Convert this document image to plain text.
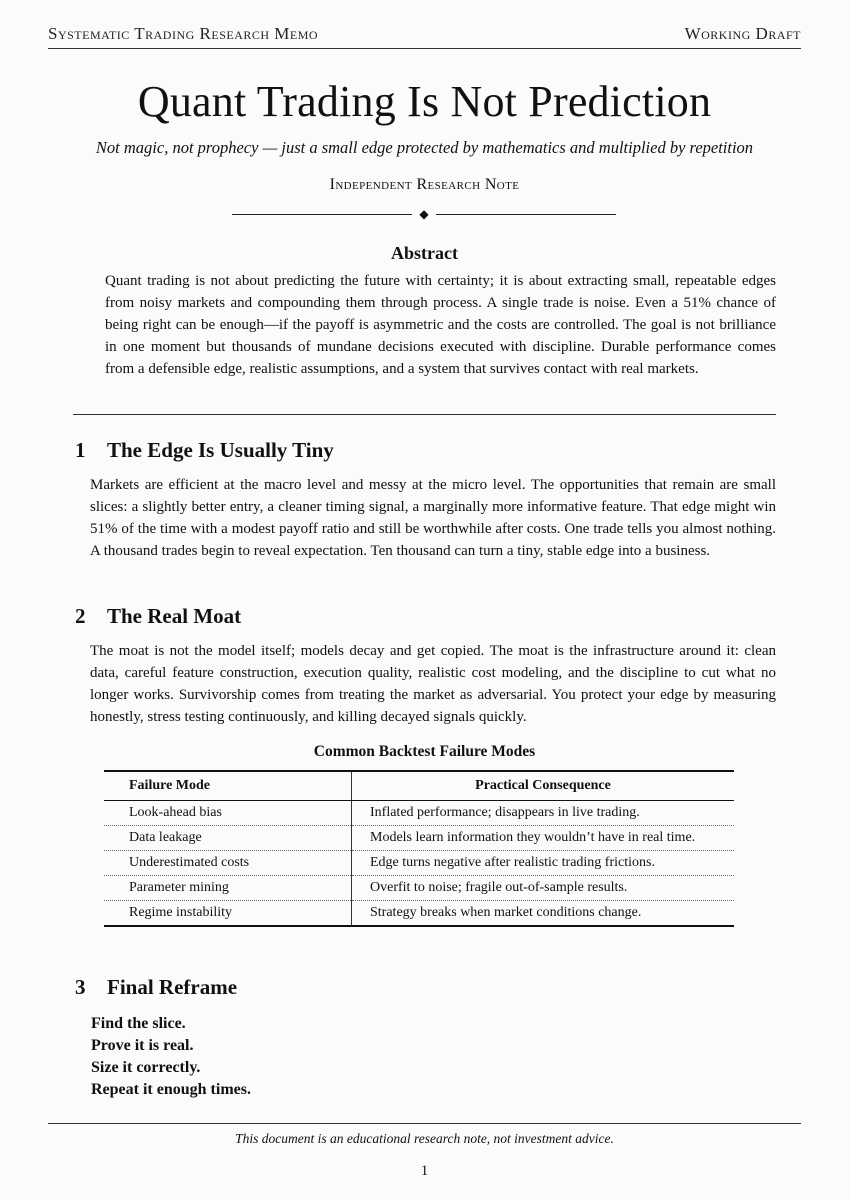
Systematic Trading Research Memo	Working Draft
Quant Trading Is Not Prediction

Not magic, not prophecy — just a small edge protected by mathematics and multiplied by repetition

Independent Research Note
◆
Abstract

Quant trading is not about predicting the future with certainty; it is about extracting small, repeatable edges from noisy markets and compounding them through process. A single trade is noise. Even a 51% chance of being right can be enough—if the payoff is asymmetric and the costs are controlled. The goal is not brilliance in one moment but thousands of mundane decisions executed with discipline. Durable performance comes from a defensible edge, realistic assumptions, and a system that survives contact with real markets.

1 The Edge Is Usually Tiny

Markets are efficient at the macro level and messy at the micro level. The opportunities that remain are small slices: a slightly better entry, a cleaner timing signal, a marginally more informative feature. That edge might win 51% of the time with a modest payoff ratio and still be worthwhile after costs. One trade tells you almost nothing. A thousand trades begin to reveal expectation. Ten thousand can turn a tiny, stable edge into a business.

2 The Real Moat

The moat is not the model itself; models decay and get copied. The moat is the infrastructure around it: clean data, careful feature construction, execution quality, realistic cost modeling, and the discipline to cut what no longer works. Survivorship comes from treating the market as adversarial. You protect your edge by measuring honestly, stress testing continuously, and killing decayed signals quickly.

Common Backtest Failure Modes
Failure Mode	Practical Consequence
Look-ahead bias	Inflated performance; disappears in live trading.
Data leakage	Models learn information they wouldn’t have in real time.
Underestimated costs	Edge turns negative after realistic trading frictions.
Parameter mining	Overfit to noise; fragile out-of-sample results.
Regime instability	Strategy breaks when market conditions change.
3 Final Reframe
Find the slice.
Prove it is real.
Size it correctly.
Repeat it enough times.
This document is an educational research note, not investment advice.
1
